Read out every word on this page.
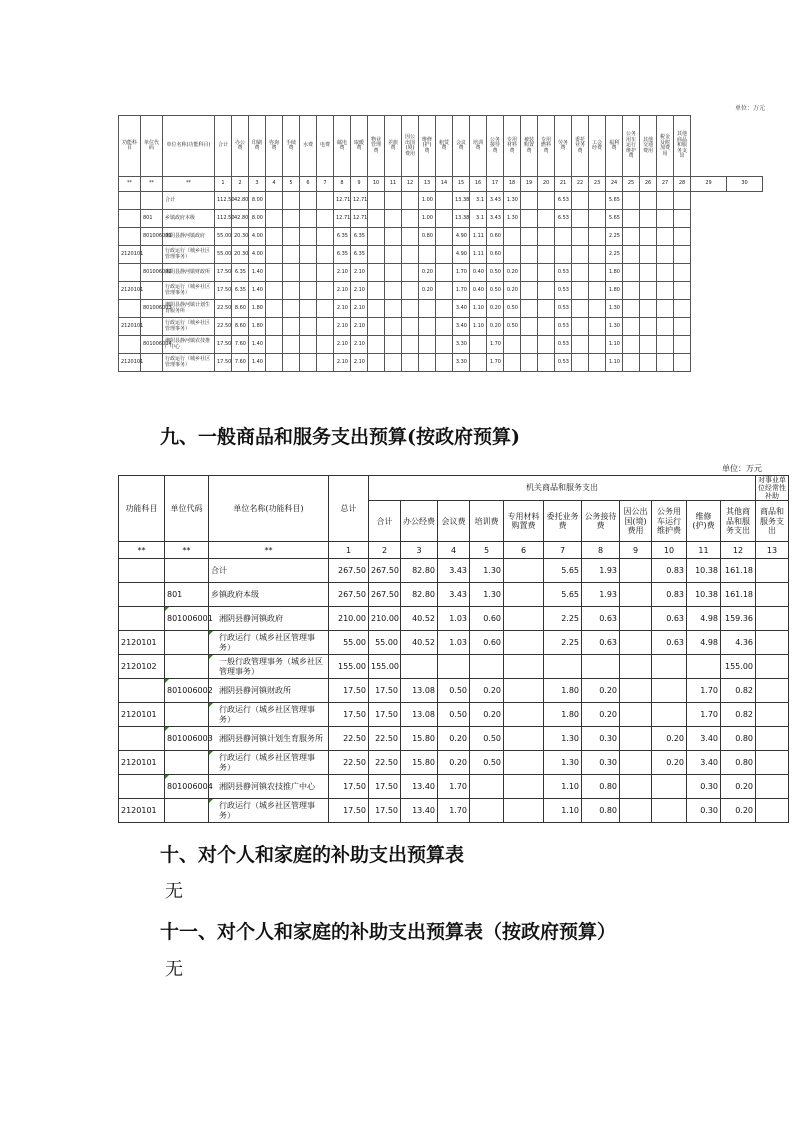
单位：万元
功能科目	单位代码	单位名称(功能科目)	合计	办公费	印刷费	咨询费	手续费	水费	电费	邮电费	取暖费	物业管理费	差旅费	因公出国(境)费用	维修(护)费	租赁费	会议费	培训费	公务接待费	专用材料费	被装购置费	专用燃料费	劳务费	委托业务费	工会经费	福利费	公务用车运行维护费	其他交通费用	税金及附加费用	其他商品和服务支出		
**	**	**	1	2	3	4	5	6	7	8	9	10	11	12	13	14	15	16	17	18	19	20	21	22	23	24	25	26	27	28	29	30
		合计	112.50	42.80	8.00					12.71	12.71				1.00		13.38	3.1	3.43	1.30			6.53			5.65						
	801	乡镇政府本级	112.50	42.80	8.00					12.71	12.71				1.00		13.38	3.1	3.43	1.30			6.53			5.65						
	801006001	湘阴县静河镇政府	55.00	20.30	4.00					6.35	6.35				0.80		4.90	1.11	0.60							2.25						
2120101		行政运行（城乡社区管理事务）	55.00	20.30	4.00					6.35	6.35						4.90	1.11	0.60							2.25						
	801006002	湘阴县静河镇财政所	17.50	6.35	1.40					2.10	2.10				0.20		1.70	0.40	0.50	0.20			0.53			1.80						
2120101		行政运行（城乡社区管理事务）	17.50	6.35	1.40					2.10	2.10				0.20		1.70	0.40	0.50	0.20			0.53			1.80						
	801006003	湘阴县静河镇计划生育服务所	22.50	8.60	1.80					2.10	2.10						3.40	1.10	0.20	0.50			0.53			1.30						
2120101		行政运行（城乡社区管理事务）	22.50	8.60	1.80					2.10	2.10						3.40	1.10	0.20	0.50			0.53			1.30						
	801006004	湘阴县静河镇农技推广中心	17.50	7.60	1.40					2.10	2.10						3.30		1.70				0.53			1.10						
2120101		行政运行（城乡社区管理事务）	17.50	7.60	1.40					2.10	2.10						3.30		1.70				0.53			1.10						
九、一般商品和服务支出预算(按政府预算)
单位：万元
功能科目	单位代码	单位名称(功能科目)	总计	机关商品和服务支出											对事业单位经常性补助
				合计	办公经费	会议费	培训费	专用材料购置费	委托业务费	公务接待费	因公出国(境)费用	公务用车运行维护费	维修(护)费	其他商品和服务支出	商品和服务支出
**	**	**	1	2	3	4	5	6	7	8	9	10	11	12	13
		合计	267.50	267.50	82.80	3.43	1.30		5.65	1.93		0.83	10.38	161.18	
	801	乡镇政府本级	267.50	267.50	82.80	3.43	1.30		5.65	1.93		0.83	10.38	161.18	
	801006001	湘阴县静河镇政府	210.00	210.00	40.52	1.03	0.60		2.25	0.63		0.63	4.98	159.36	
2120101		行政运行（城乡社区管理事务）	55.00	55.00	40.52	1.03	0.60		2.25	0.63		0.63	4.98	4.36	
2120102		一般行政管理事务（城乡社区管理事务）	155.00	155.00										155.00	
	801006002	湘阴县静河镇财政所	17.50	17.50	13.08	0.50	0.20		1.80	0.20			1.70	0.82	
2120101		行政运行（城乡社区管理事务）	17.50	17.50	13.08	0.50	0.20		1.80	0.20			1.70	0.82	
	801006003	湘阴县静河镇计划生育服务所	22.50	22.50	15.80	0.20	0.50		1.30	0.30		0.20	3.40	0.80	
2120101		行政运行（城乡社区管理事务）	22.50	22.50	15.80	0.20	0.50		1.30	0.30		0.20	3.40	0.80	
	801006004	湘阴县静河镇农技推广中心	17.50	17.50	13.40	1.70			1.10	0.80			0.30	0.20	
2120101		行政运行（城乡社区管理事务）	17.50	17.50	13.40	1.70			1.10	0.80			0.30	0.20	
十、对个人和家庭的补助支出预算表
无
十一、对个人和家庭的补助支出预算表（按政府预算）
无
